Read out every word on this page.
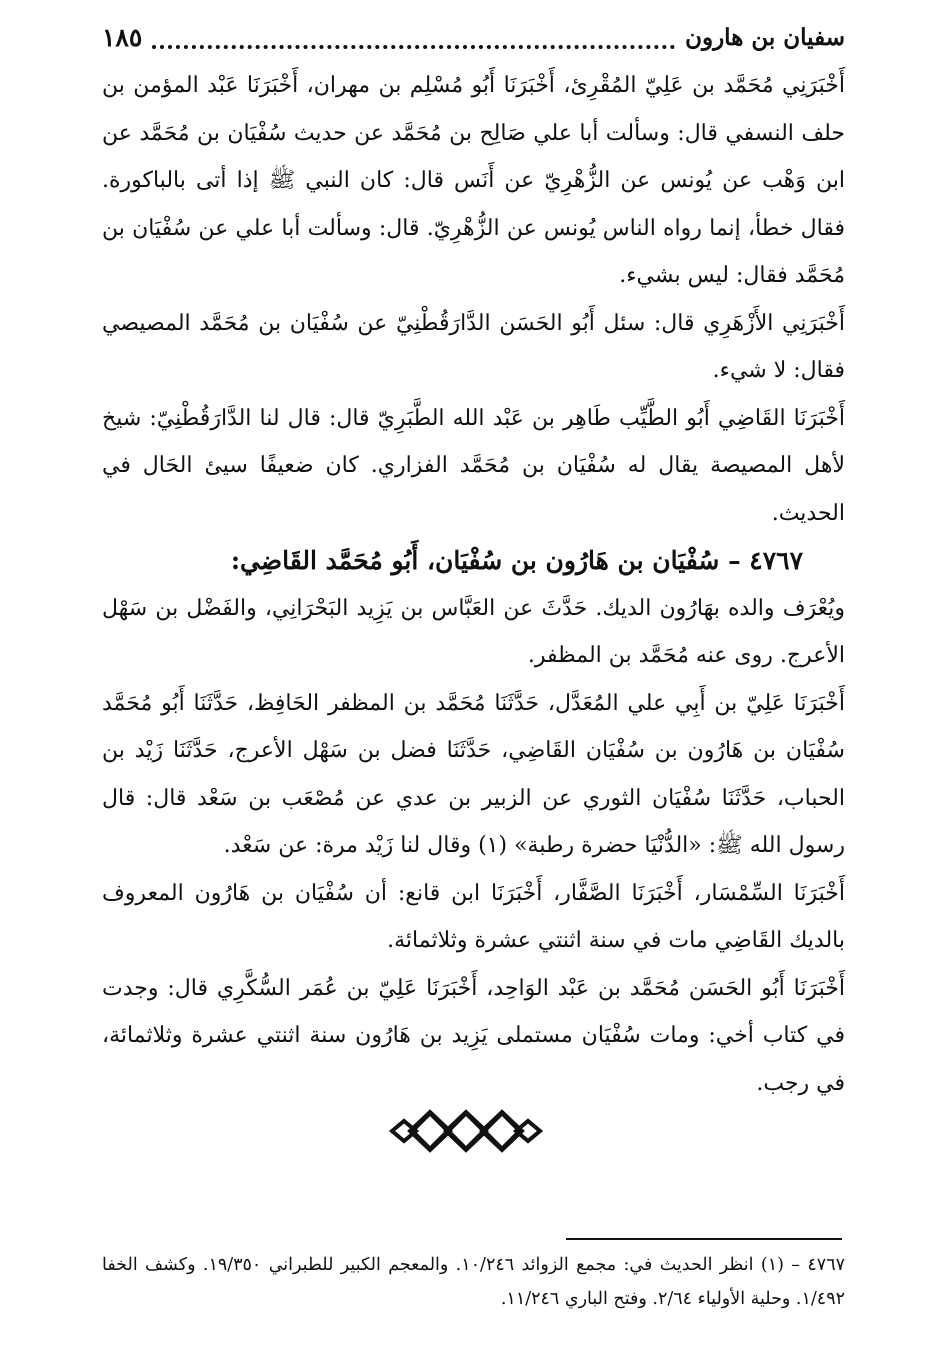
١٨٥	سفيان بن هارون

أَخْبَرَنِي مُحَمَّد بن عَلِيّ المُقْرِئ، أَخْبَرَنَا أَبُو مُسْلِم بن مهران، أَخْبَرَنَا عَبْد المؤمن بن حلف النسفي قال: وسألت أبا علي صَالِح بن مُحَمَّد عن حديث سُفْيَان بن مُحَمَّد عن ابن وَهْب عن يُونس عن الزُّهْرِيّ عن أَنَس قال: كان النبي ﷺ إذا أتى بالباكورة. فقال خطأ، إنما رواه الناس يُونس عن الزُّهْرِيّ. قال: وسألت أبا علي عن سُفْيَان بن مُحَمَّد فقال: ليس بشيء.

أَخْبَرَنِي الأَزْهَرِي قال: سئل أَبُو الحَسَن الدَّارَقُطْنِيّ عن سُفْيَان بن مُحَمَّد المصيصي فقال: لا شيء.

أَخْبَرَنَا القَاضِي أَبُو الطَّيِّب طَاهِر بن عَبْد الله الطَّبَرِيّ قال: قال لنا الدَّارَقُطْنِيّ: شيخ لأهل المصيصة يقال له سُفْيَان بن مُحَمَّد الفزاري. كان ضعيفًا سيئ الحَال في الحديث.

٤٧٦٧ – سُفْيَان بن هَارُون بن سُفْيَان، أَبُو مُحَمَّد القَاضِي:

ويُعْرَف والده بهَارُون الديك. حَدَّثَ عن العَبَّاس بن يَزِيد البَحْرَانِي، والفَضْل بن سَهْل الأعرج. روى عنه مُحَمَّد بن المظفر.

أَخْبَرَنَا عَلِيّ بن أَبِي علي المُعَدَّل، حَدَّثَنَا مُحَمَّد بن المظفر الحَافِظ، حَدَّثَنَا أَبُو مُحَمَّد سُفْيَان بن هَارُون بن سُفْيَان القَاضِي، حَدَّثَنَا فضل بن سَهْل الأعرج، حَدَّثَنَا زَيْد بن الحباب، حَدَّثَنَا سُفْيَان الثوري عن الزبير بن عدي عن مُصْعَب بن سَعْد قال: قال رسول الله ﷺ: «الدُّنْيَا حضرة رطبة» (١) وقال لنا زَيْد مرة: عن سَعْد.

أَخْبَرَنَا السِّمْسَار، أَخْبَرَنَا الصَّفَّار، أَخْبَرَنَا ابن قانع: أن سُفْيَان بن هَارُون المعروف بالديك القَاضِي مات في سنة اثنتي عشرة وثلاثمائة.

أَخْبَرَنَا أَبُو الحَسَن مُحَمَّد بن عَبْد الوَاحِد، أَخْبَرَنَا عَلِيّ بن عُمَر السُّكَّرِي قال: وجدت في كتاب أخي: ومات سُفْيَان مستملى يَزِيد بن هَارُون سنة اثنتي عشرة وثلاثمائة، في رجب.

٤٧٦٧ – (١) انظر الحديث في: مجمع الزوائد ١٠/٢٤٦. والمعجم الكبير للطبراني ١٩/٣٥٠. وكشف الخفا ١/٤٩٢. وحلية الأولياء ٢/٦٤. وفتح الباري ١١/٢٤٦.
